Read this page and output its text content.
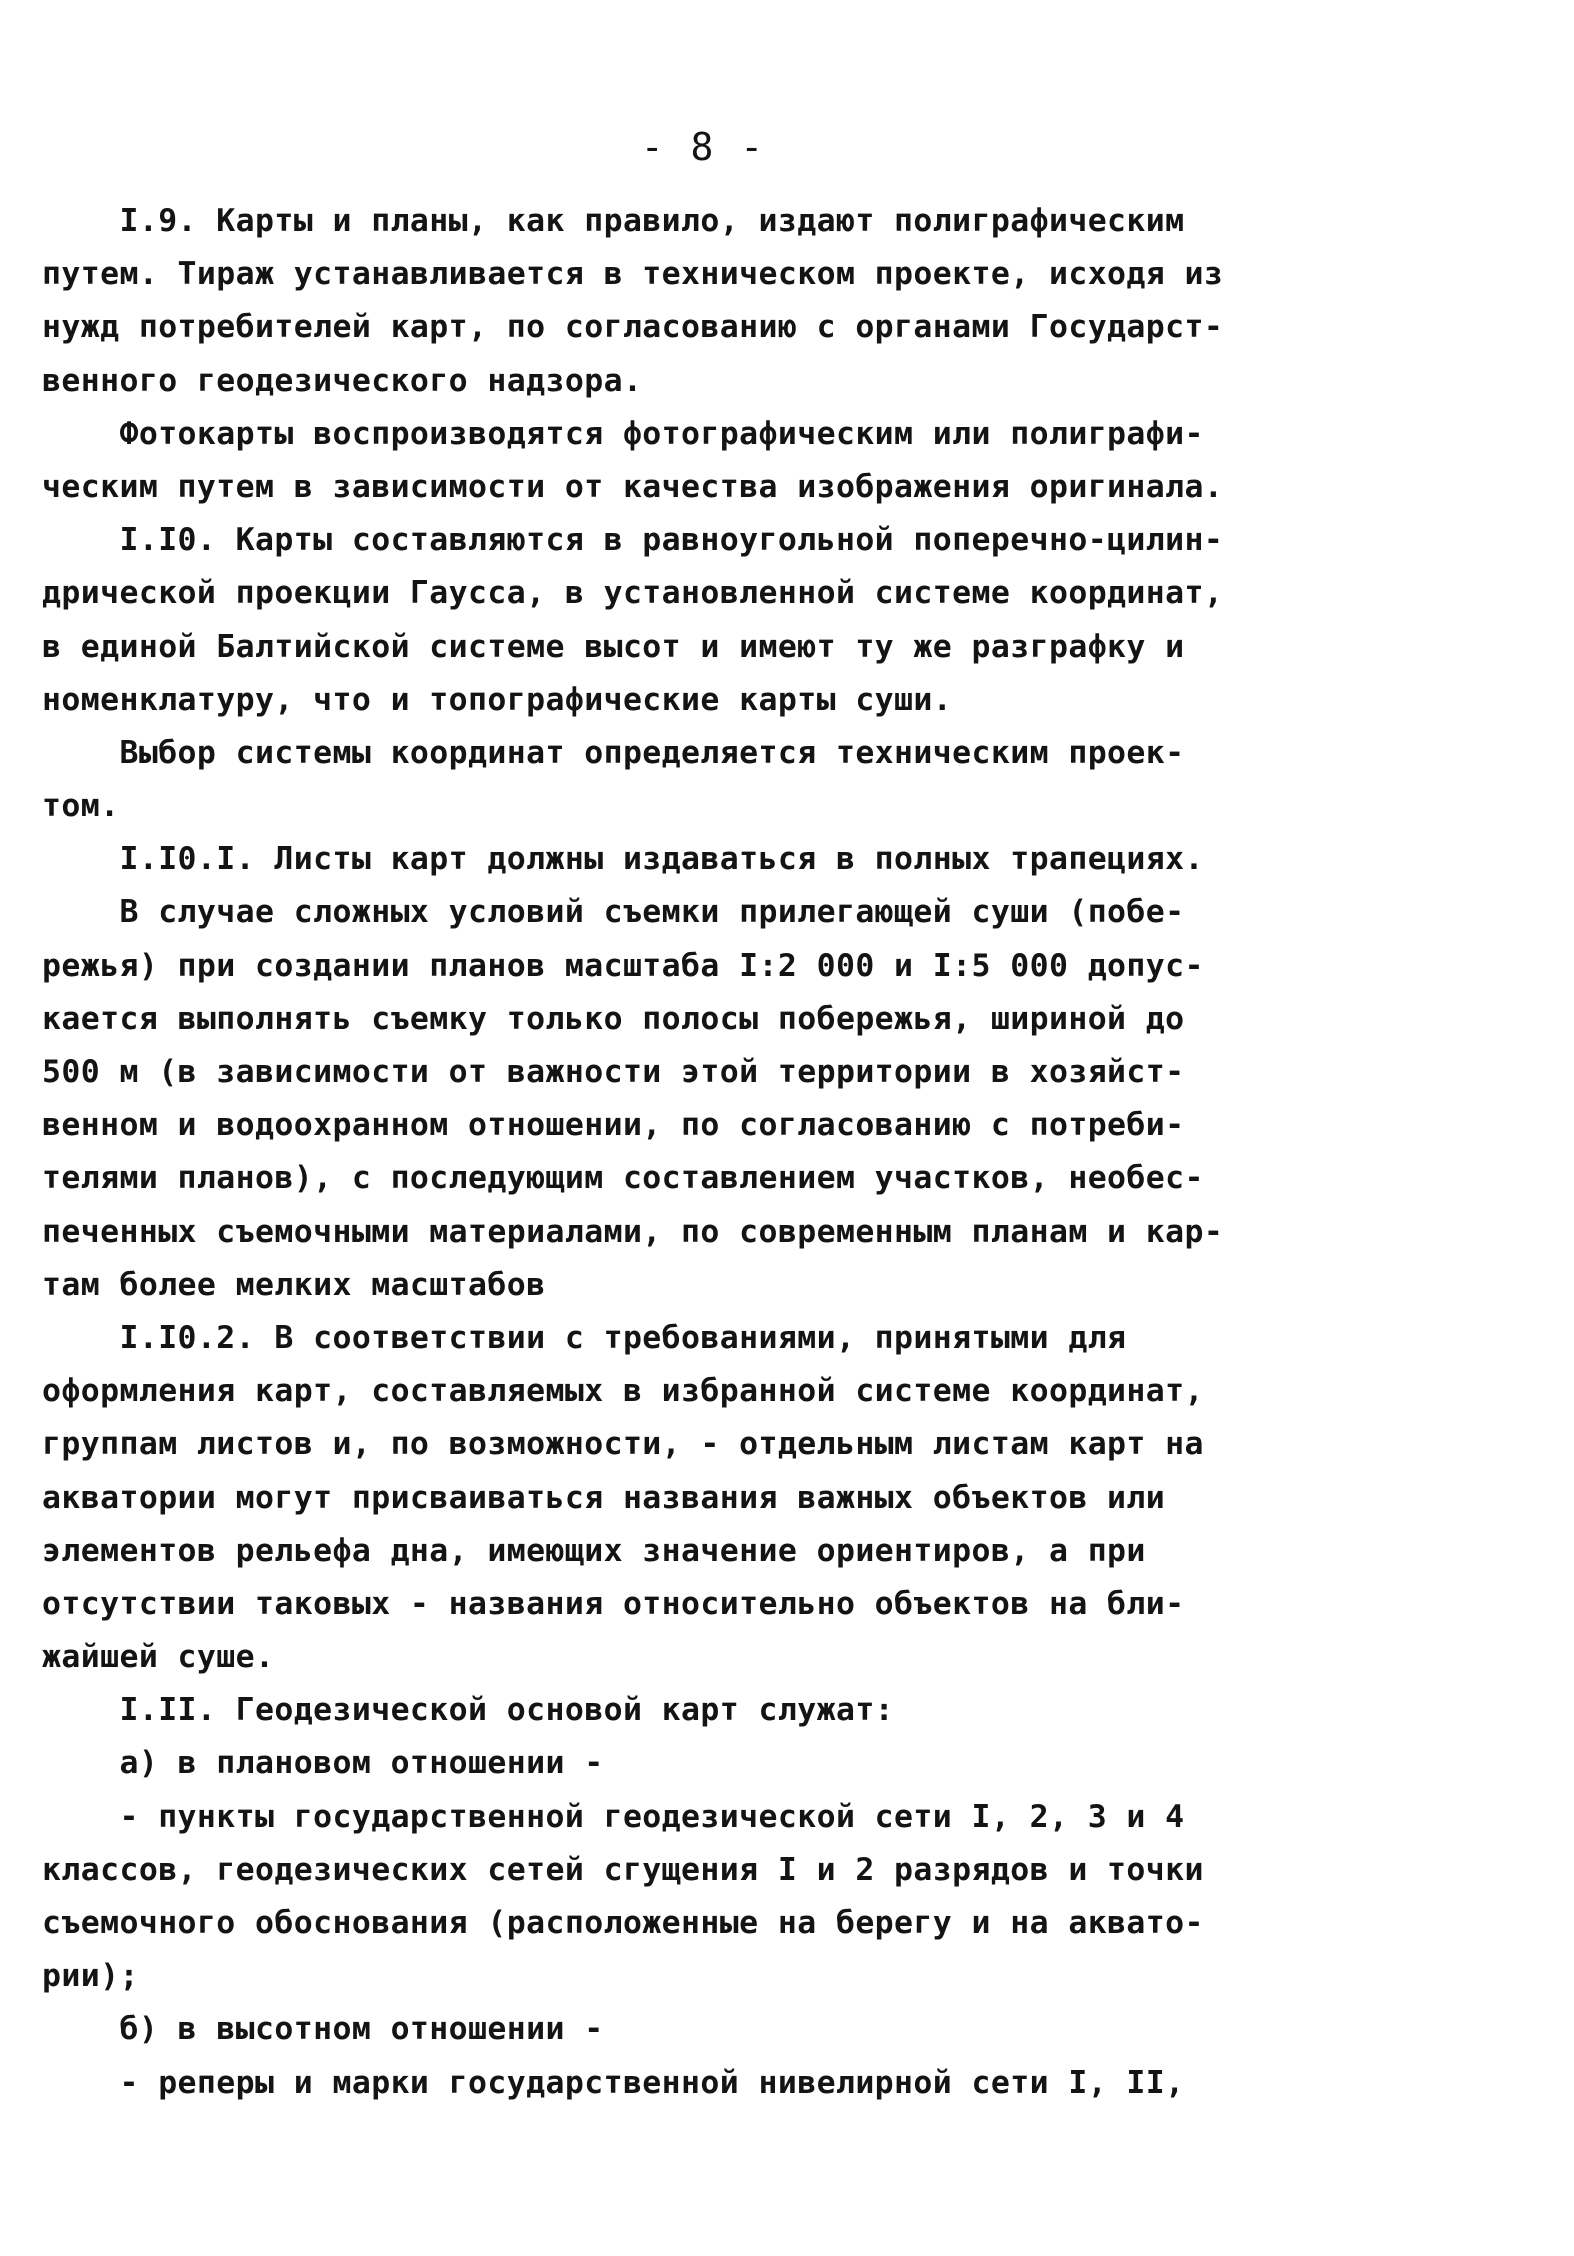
- 8 -
I.9. Карты и планы, как правило, издают полиграфическим
путем. Тираж устанавливается в техническом проекте, исходя из
нужд потребителей карт, по согласованию с органами Государст-
венного геодезического надзора.
Фотокарты воспроизводятся фотографическим или полиграфи-
ческим путем в зависимости от качества изображения оригинала.
I.I0. Карты составляются в равноугольной поперечно-цилин-
дрической проекции Гаусса, в установленной системе координат,
в единой Балтийской системе высот и имеют ту же разграфку и
номенклатуру, что и топографические карты суши.
Выбор системы координат определяется техническим проек-
том.
I.I0.I. Листы карт должны издаваться в полных трапециях.
В случае сложных условий съемки прилегающей суши (побе-
режья) при создании планов масштаба I:2 000 и I:5 000 допус-
кается выполнять съемку только полосы побережья, шириной до
500 м (в зависимости от важности этой территории в хозяйст-
венном и водоохранном отношении, по согласованию с потреби-
телями планов), с последующим составлением участков, необес-
печенных съемочными материалами, по современным планам и кар-
там более мелких масштабов
I.I0.2. В соответствии с требованиями, принятыми для
оформления карт, составляемых в избранной системе координат,
группам листов и, по возможности, - отдельным листам карт на
акватории могут присваиваться названия важных объектов или
элементов рельефа дна, имеющих значение ориентиров, а при
отсутствии таковых - названия относительно объектов на бли-
жайшей суше.
I.II. Геодезической основой карт служат:
а) в плановом отношении -
- пункты государственной геодезической сети I, 2, 3 и 4
классов, геодезических сетей сгущения I и 2 разрядов и точки
съемочного обоснования (расположенные на берегу и на аквато-
рии);
б) в высотном отношении -
- реперы и марки государственной нивелирной сети I, II,
